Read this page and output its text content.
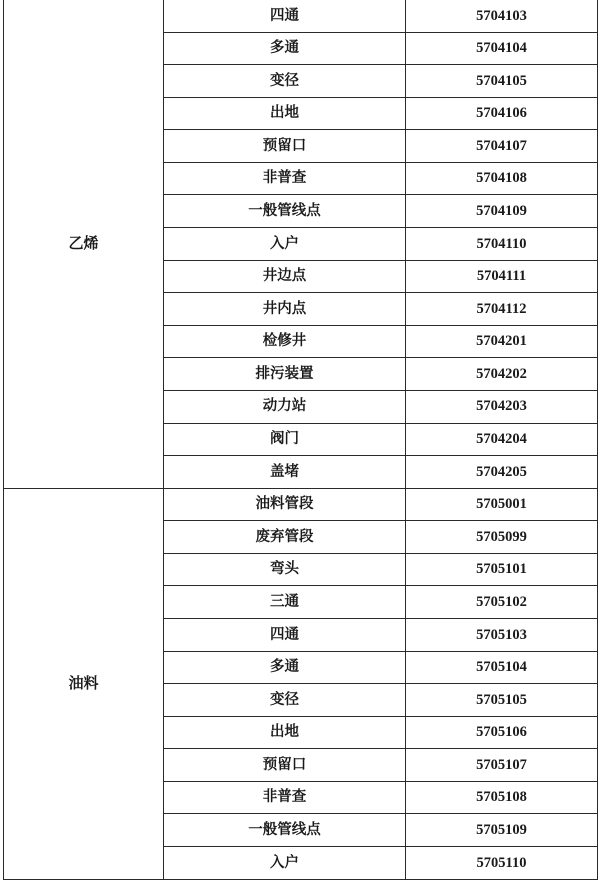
乙烯	四通	5704103
	多通	5704104
	变径	5704105
	出地	5704106
	预留口	5704107
	非普查	5704108
	一般管线点	5704109
	入户	5704110
	井边点	5704111
	井内点	5704112
	检修井	5704201
	排污装置	5704202
	动力站	5704203
	阀门	5704204
	盖堵	5704205
油料	油料管段	5705001
	废弃管段	5705099
	弯头	5705101
	三通	5705102
	四通	5705103
	多通	5705104
	变径	5705105
	出地	5705106
	预留口	5705107
	非普查	5705108
	一般管线点	5705109
	入户	5705110
